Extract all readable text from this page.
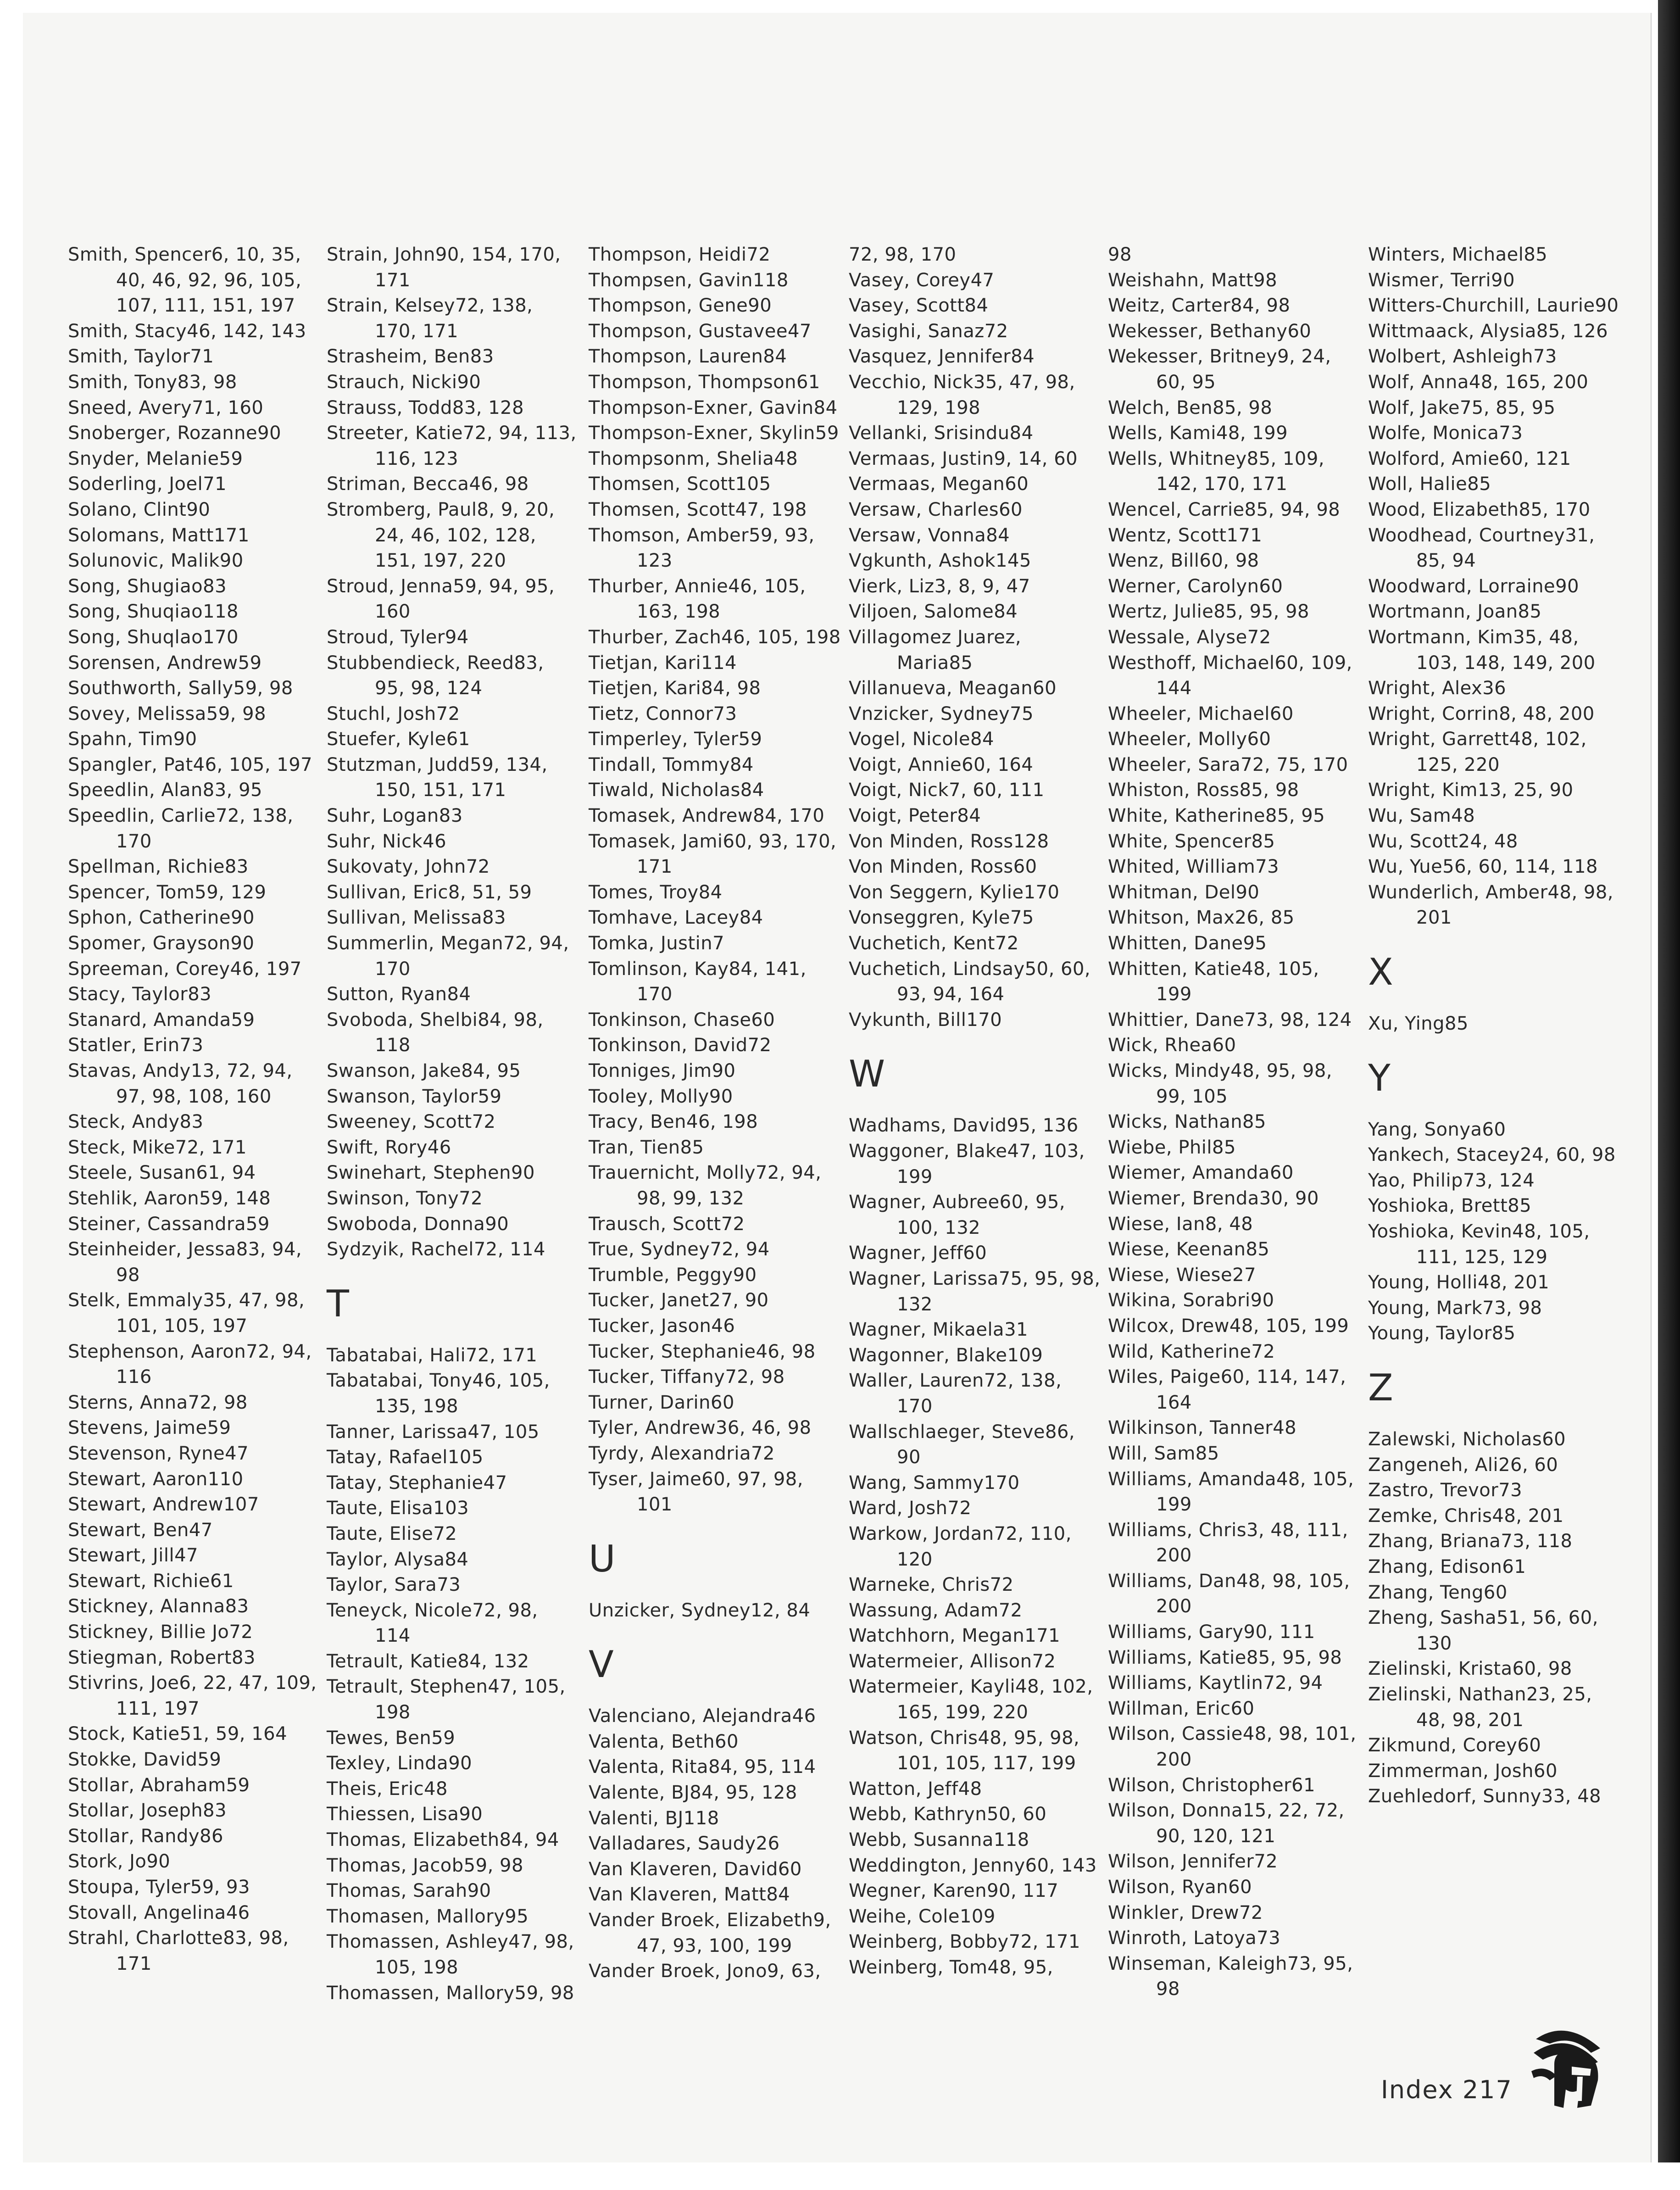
Smith, Spencer6, 10, 35, 40, 46, 92, 96, 105, 107, 111, 151, 197

Smith, Stacy46, 142, 143

Smith, Taylor71

Smith, Tony83, 98

Sneed, Avery71, 160

Snoberger, Rozanne90

Snyder, Melanie59

Soderling, Joel71

Solano, Clint90

Solomans, Matt171

Solunovic, Malik90

Song, Shugiao83

Song, Shuqiao118

Song, Shuqlao170

Sorensen, Andrew59

Southworth, Sally59, 98

Sovey, Melissa59, 98

Spahn, Tim90

Spangler, Pat46, 105, 197

Speedlin, Alan83, 95

Speedlin, Carlie72, 138, 170

Spellman, Richie83

Spencer, Tom59, 129

Sphon, Catherine90

Spomer, Grayson90

Spreeman, Corey46, 197

Stacy, Taylor83

Stanard, Amanda59

Statler, Erin73

Stavas, Andy13, 72, 94, 97, 98, 108, 160

Steck, Andy83

Steck, Mike72, 171

Steele, Susan61, 94

Stehlik, Aaron59, 148

Steiner, Cassandra59

Steinheider, Jessa83, 94, 98

Stelk, Emmaly35, 47, 98, 101, 105, 197

Stephenson, Aaron72, 94, 116

Sterns, Anna72, 98

Stevens, Jaime59

Stevenson, Ryne47

Stewart, Aaron110

Stewart, Andrew107

Stewart, Ben47

Stewart, Jill47

Stewart, Richie61

Stickney, Alanna83

Stickney, Billie Jo72

Stiegman, Robert83

Stivrins, Joe6, 22, 47, 109, 111, 197

Stock, Katie51, 59, 164

Stokke, David59

Stollar, Abraham59

Stollar, Joseph83

Stollar, Randy86

Stork, Jo90

Stoupa, Tyler59, 93

Stovall, Angelina46

Strahl, Charlotte83, 98, 171

Strain, John90, 154, 170, 171

Strain, Kelsey72, 138, 170, 171

Strasheim, Ben83

Strauch, Nicki90

Strauss, Todd83, 128

Streeter, Katie72, 94, 113, 116, 123

Striman, Becca46, 98

Stromberg, Paul8, 9, 20, 24, 46, 102, 128, 151, 197, 220

Stroud, Jenna59, 94, 95, 160

Stroud, Tyler94

Stubbendieck, Reed83, 95, 98, 124

Stuchl, Josh72

Stuefer, Kyle61

Stutzman, Judd59, 134, 150, 151, 171

Suhr, Logan83

Suhr, Nick46

Sukovaty, John72

Sullivan, Eric8, 51, 59

Sullivan, Melissa83

Summerlin, Megan72, 94, 170

Sutton, Ryan84

Svoboda, Shelbi84, 98, 118

Swanson, Jake84, 95

Swanson, Taylor59

Sweeney, Scott72

Swift, Rory46

Swinehart, Stephen90

Swinson, Tony72

Swoboda, Donna90

Sydzyik, Rachel72, 114

T

Tabatabai, Hali72, 171

Tabatabai, Tony46, 105, 135, 198

Tanner, Larissa47, 105

Tatay, Rafael105

Tatay, Stephanie47

Taute, Elisa103

Taute, Elise72

Taylor, Alysa84

Taylor, Sara73

Teneyck, Nicole72, 98, 114

Tetrault, Katie84, 132

Tetrault, Stephen47, 105, 198

Tewes, Ben59

Texley, Linda90

Theis, Eric48

Thiessen, Lisa90

Thomas, Elizabeth84, 94

Thomas, Jacob59, 98

Thomas, Sarah90

Thomasen, Mallory95

Thomassen, Ashley47, 98, 105, 198

Thomassen, Mallory59, 98

Thompson, Heidi72

Thompsen, Gavin118

Thompson, Gene90

Thompson, Gustavee47

Thompson, Lauren84

Thompson, Thompson61

Thompson-Exner, Gavin84

Thompson-Exner, Skylin59

Thompsonm, Shelia48

Thomsen, Scott105

Thomsen, Scott47, 198

Thomson, Amber59, 93, 123

Thurber, Annie46, 105, 163, 198

Thurber, Zach46, 105, 198

Tietjan, Kari114

Tietjen, Kari84, 98

Tietz, Connor73

Timperley, Tyler59

Tindall, Tommy84

Tiwald, Nicholas84

Tomasek, Andrew84, 170

Tomasek, Jami60, 93, 170, 171

Tomes, Troy84

Tomhave, Lacey84

Tomka, Justin7

Tomlinson, Kay84, 141, 170

Tonkinson, Chase60

Tonkinson, David72

Tonniges, Jim90

Tooley, Molly90

Tracy, Ben46, 198

Tran, Tien85

Trauernicht, Molly72, 94, 98, 99, 132

Trausch, Scott72

True, Sydney72, 94

Trumble, Peggy90

Tucker, Janet27, 90

Tucker, Jason46

Tucker, Stephanie46, 98

Tucker, Tiffany72, 98

Turner, Darin60

Tyler, Andrew36, 46, 98

Tyrdy, Alexandria72

Tyser, Jaime60, 97, 98, 101

U

Unzicker, Sydney12, 84

V

Valenciano, Alejandra46

Valenta, Beth60

Valenta, Rita84, 95, 114

Valente, BJ84, 95, 128

Valenti, BJ118

Valladares, Saudy26

Van Klaveren, David60

Van Klaveren, Matt84

Vander Broek, Elizabeth9, 47, 93, 100, 199

Vander Broek, Jono9, 63,

72, 98, 170

Vasey, Corey47

Vasey, Scott84

Vasighi, Sanaz72

Vasquez, Jennifer84

Vecchio, Nick35, 47, 98, 129, 198

Vellanki, Srisindu84

Vermaas, Justin9, 14, 60

Vermaas, Megan60

Versaw, Charles60

Versaw, Vonna84

Vgkunth, Ashok145

Vierk, Liz3, 8, 9, 47

Viljoen, Salome84

Villagomez Juarez, Maria85

Villanueva, Meagan60

Vnzicker, Sydney75

Vogel, Nicole84

Voigt, Annie60, 164

Voigt, Nick7, 60, 111

Voigt, Peter84

Von Minden, Ross128

Von Minden, Ross60

Von Seggern, Kylie170

Vonseggren, Kyle75

Vuchetich, Kent72

Vuchetich, Lindsay50, 60, 93, 94, 164

Vykunth, Bill170

W

Wadhams, David95, 136

Waggoner, Blake47, 103, 199

Wagner, Aubree60, 95, 100, 132

Wagner, Jeff60

Wagner, Larissa75, 95, 98, 132

Wagner, Mikaela31

Wagonner, Blake109

Waller, Lauren72, 138, 170

Wallschlaeger, Steve86, 90

Wang, Sammy170

Ward, Josh72

Warkow, Jordan72, 110, 120

Warneke, Chris72

Wassung, Adam72

Watchhorn, Megan171

Watermeier, Allison72

Watermeier, Kayli48, 102, 165, 199, 220

Watson, Chris48, 95, 98, 101, 105, 117, 199

Watton, Jeff48

Webb, Kathryn50, 60

Webb, Susanna118

Weddington, Jenny60, 143

Wegner, Karen90, 117

Weihe, Cole109

Weinberg, Bobby72, 171

Weinberg, Tom48, 95,

98

Weishahn, Matt98

Weitz, Carter84, 98

Wekesser, Bethany60

Wekesser, Britney9, 24, 60, 95

Welch, Ben85, 98

Wells, Kami48, 199

Wells, Whitney85, 109, 142, 170, 171

Wencel, Carrie85, 94, 98

Wentz, Scott171

Wenz, Bill60, 98

Werner, Carolyn60

Wertz, Julie85, 95, 98

Wessale, Alyse72

Westhoff, Michael60, 109, 144

Wheeler, Michael60

Wheeler, Molly60

Wheeler, Sara72, 75, 170

Whiston, Ross85, 98

White, Katherine85, 95

White, Spencer85

Whited, William73

Whitman, Del90

Whitson, Max26, 85

Whitten, Dane95

Whitten, Katie48, 105, 199

Whittier, Dane73, 98, 124

Wick, Rhea60

Wicks, Mindy48, 95, 98, 99, 105

Wicks, Nathan85

Wiebe, Phil85

Wiemer, Amanda60

Wiemer, Brenda30, 90

Wiese, Ian8, 48

Wiese, Keenan85

Wiese, Wiese27

Wikina, Sorabri90

Wilcox, Drew48, 105, 199

Wild, Katherine72

Wiles, Paige60, 114, 147, 164

Wilkinson, Tanner48

Will, Sam85

Williams, Amanda48, 105, 199

Williams, Chris3, 48, 111, 200

Williams, Dan48, 98, 105, 200

Williams, Gary90, 111

Williams, Katie85, 95, 98

Williams, Kaytlin72, 94

Willman, Eric60

Wilson, Cassie48, 98, 101, 200

Wilson, Christopher61

Wilson, Donna15, 22, 72, 90, 120, 121

Wilson, Jennifer72

Wilson, Ryan60

Winkler, Drew72

Winroth, Latoya73

Winseman, Kaleigh73, 95, 98

Winters, Michael85

Wismer, Terri90

Witters-Churchill, Laurie90

Wittmaack, Alysia85, 126

Wolbert, Ashleigh73

Wolf, Anna48, 165, 200

Wolf, Jake75, 85, 95

Wolfe, Monica73

Wolford, Amie60, 121

Woll, Halie85

Wood, Elizabeth85, 170

Woodhead, Courtney31, 85, 94

Woodward, Lorraine90

Wortmann, Joan85

Wortmann, Kim35, 48, 103, 148, 149, 200

Wright, Alex36

Wright, Corrin8, 48, 200

Wright, Garrett48, 102, 125, 220

Wright, Kim13, 25, 90

Wu, Sam48

Wu, Scott24, 48

Wu, Yue56, 60, 114, 118

Wunderlich, Amber48, 98, 201

X

Xu, Ying85

Y

Yang, Sonya60

Yankech, Stacey24, 60, 98

Yao, Philip73, 124

Yoshioka, Brett85

Yoshioka, Kevin48, 105, 111, 125, 129

Young, Holli48, 201

Young, Mark73, 98

Young, Taylor85

Z

Zalewski, Nicholas60

Zangeneh, Ali26, 60

Zastro, Trevor73

Zemke, Chris48, 201

Zhang, Briana73, 118

Zhang, Edison61

Zhang, Teng60

Zheng, Sasha51, 56, 60, 130

Zielinski, Krista60, 98

Zielinski, Nathan23, 25, 48, 98, 201

Zikmund, Corey60

Zimmerman, Josh60

Zuehledorf, Sunny33, 48

Index 217
